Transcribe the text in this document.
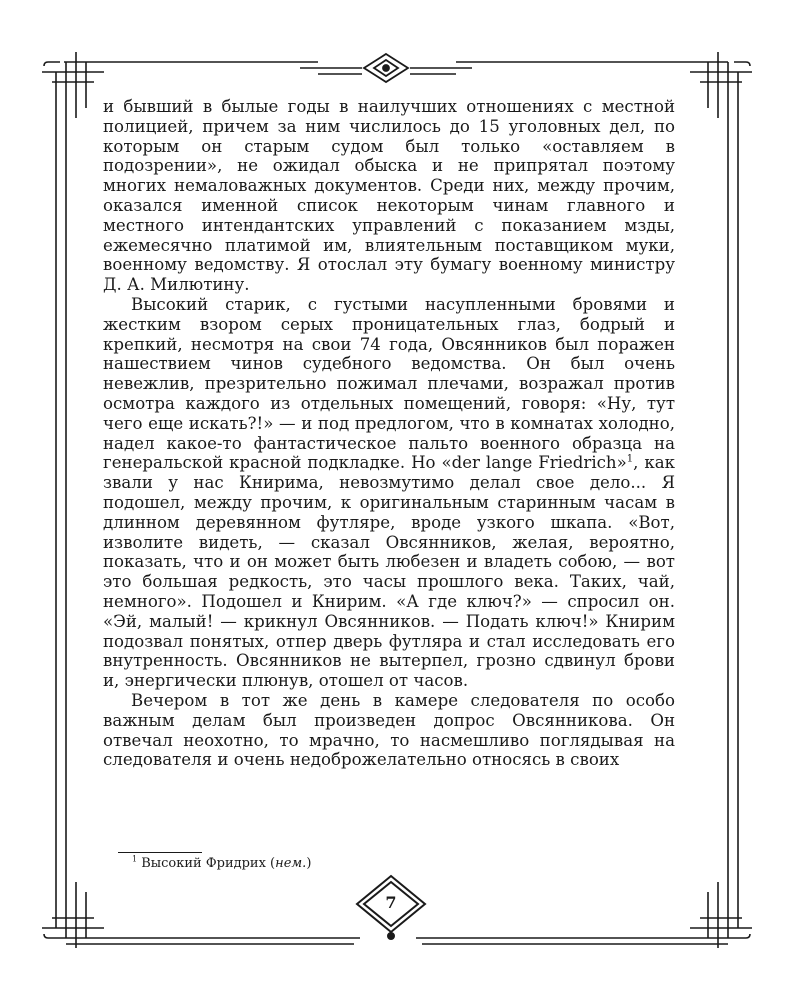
и бывший в былые годы в наилучших отношениях с местной полицией, причем за ним числилось до 15 уголовных дел, по которым он старым судом был только «оставляем в подозрении», не ожидал обыска и не припрятал поэтому многих немаловажных документов. Среди них, между прочим, оказался именной список некоторым чинам главного и местного интендантских управлений с показанием мзды, ежемесячно платимой им, влиятельным поставщиком муки, военному ведомству. Я отослал эту бумагу военному министру Д. А. Милютину.

Высокий старик, с густыми насупленными бровями и жестким взором серых проницательных глаз, бодрый и крепкий, несмотря на свои 74 года, Овсянников был поражен нашествием чинов судебного ведомства. Он был очень невежлив, презрительно пожимал плечами, возражал против осмотра каждого из отдельных помещений, говоря: «Ну, тут чего еще искать?!» — и под предлогом, что в комнатах холодно, надел какое-то фантастическое пальто военного образца на генеральской красной подкладке. Но «der lange Friedrich»$^1$, как звали у нас Книрима, невозмутимо делал свое дело... Я подошел, между прочим, к оригинальным старинным часам в длинном деревянном футляре, вроде узкого шкапа. «Вот, изволите видеть, — сказал Овсянников, желая, вероятно, показать, что и он может быть любезен и владеть собою, — вот это большая редкость, это часы прошлого века. Таких, чай, немного». Подошел и Книрим. «А где ключ?» — спросил он. «Эй, малый! — крикнул Овсянников. — Подать ключ!» Книрим подозвал понятых, отпер дверь футляра и стал исследовать его внутренность. Овсянников не вытерпел, грозно сдвинул брови и, энергически плюнув, отошел от часов.

Вечером в тот же день в камере следователя по особо важным делам был произведен допрос Овсянникова. Он отвечал неохотно, то мрачно, то насмешливо поглядывая на следователя и очень недоброжелательно относясь в своих

$^1$ Высокий Фридрих (нем.)
7
